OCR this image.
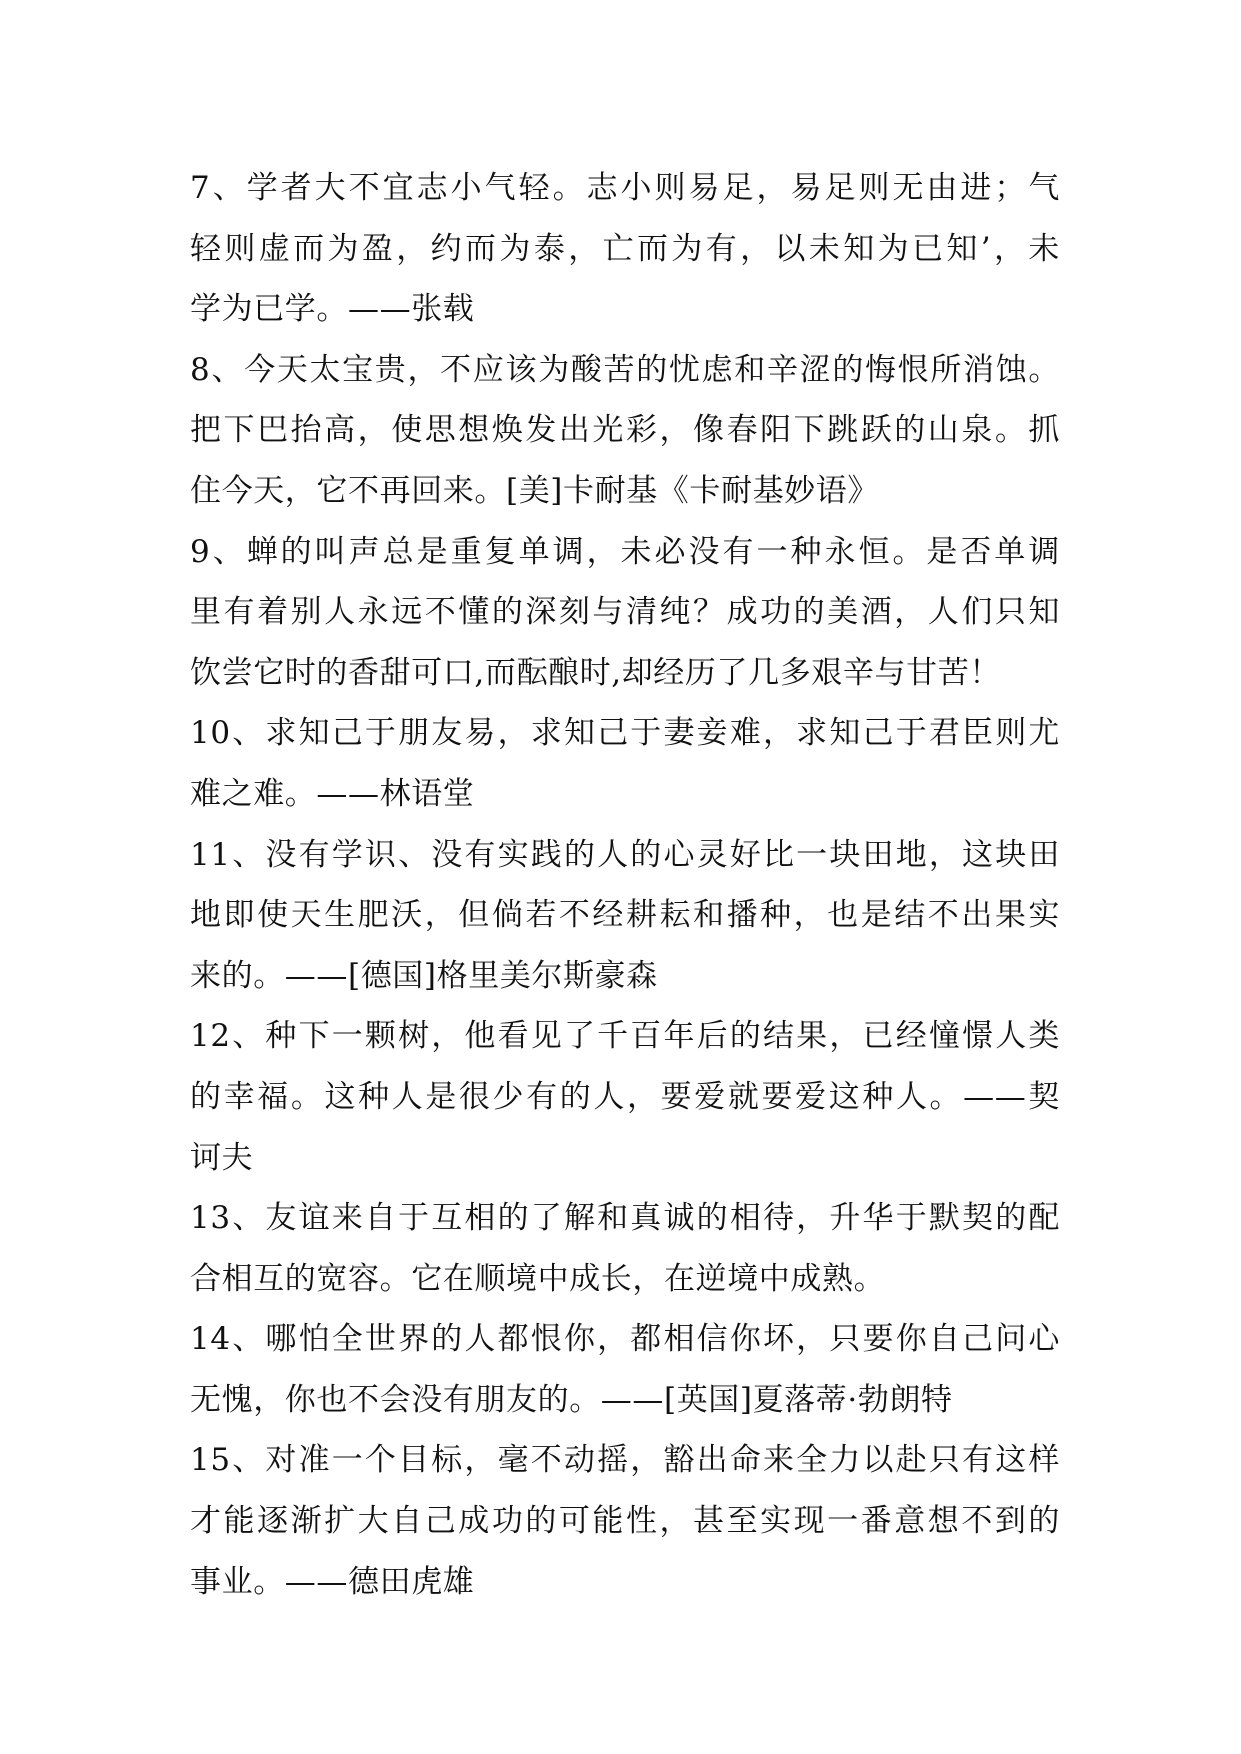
7、学者大不宜志小气轻。志小则易足，易足则无由进；气
轻则虚而为盈，约而为泰，亡而为有，以未知为已知’，未
学为已学。——张载
8、今天太宝贵，不应该为酸苦的忧虑和辛涩的悔恨所消蚀。
把下巴抬高，使思想焕发出光彩，像春阳下跳跃的山泉。抓
住今天，它不再回来。[美]卡耐基《卡耐基妙语》
9、蝉的叫声总是重复单调，未必没有一种永恒。是否单调
里有着别人永远不懂的深刻与清纯？成功的美酒，人们只知
饮尝它时的香甜可口,而酝酿时,却经历了几多艰辛与甘苦！
10、求知己于朋友易，求知己于妻妾难，求知己于君臣则尤
难之难。——林语堂
11、没有学识、没有实践的人的心灵好比一块田地，这块田
地即使天生肥沃，但倘若不经耕耘和播种，也是结不出果实
来的。——[德国]格里美尔斯豪森
12、种下一颗树，他看见了千百年后的结果，已经憧憬人类
的幸福。这种人是很少有的人，要爱就要爱这种人。——契
诃夫
13、友谊来自于互相的了解和真诚的相待，升华于默契的配
合相互的宽容。它在顺境中成长，在逆境中成熟。
14、哪怕全世界的人都恨你，都相信你坏，只要你自己问心
无愧，你也不会没有朋友的。——[英国]夏落蒂·勃朗特
15、对准一个目标，毫不动摇，豁出命来全力以赴只有这样
才能逐渐扩大自己成功的可能性，甚至实现一番意想不到的
事业。——德田虎雄
